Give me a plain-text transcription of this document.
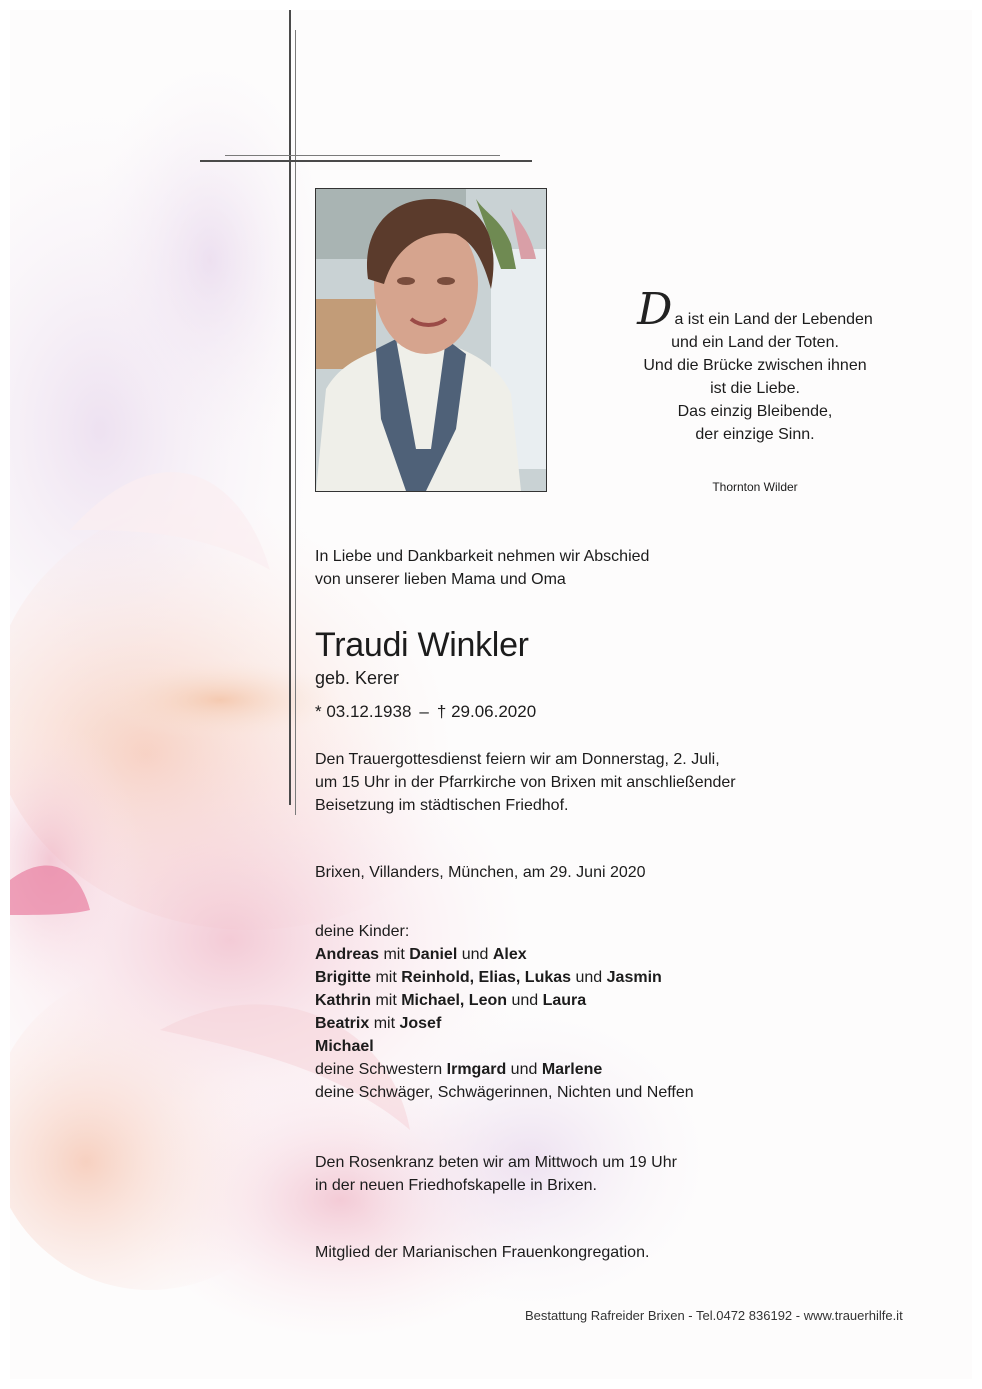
D a ist ein Land der Lebenden
und ein Land der Toten.
Und die Brücke zwischen ihnen
ist die Liebe.
Das einzig Bleibende,
der einzige Sinn.
Thornton Wilder
In Liebe und Dankbarkeit nehmen wir Abschied
von unserer lieben Mama und Oma
Traudi Winkler
geb. Kerer
* 03.12.1938 – † 29.06.2020
Den Trauergottesdienst feiern wir am Donnerstag, 2. Juli,
um 15 Uhr in der Pfarrkirche von Brixen mit anschließender
Beisetzung im städtischen Friedhof.
Brixen, Villanders, München, am 29. Juni 2020
deine Kinder:
Andreas mit Daniel und Alex
Brigitte mit Reinhold, Elias, Lukas und Jasmin
Kathrin mit Michael, Leon und Laura
Beatrix mit Josef
Michael
deine Schwestern Irmgard und Marlene
deine Schwäger, Schwägerinnen, Nichten und Neffen
Den Rosenkranz beten wir am Mittwoch um 19 Uhr
in der neuen Friedhofskapelle in Brixen.
Mitglied der Marianischen Frauenkongregation.
Bestattung Rafreider Brixen - Tel.0472 836192 - www.trauerhilfe.it
